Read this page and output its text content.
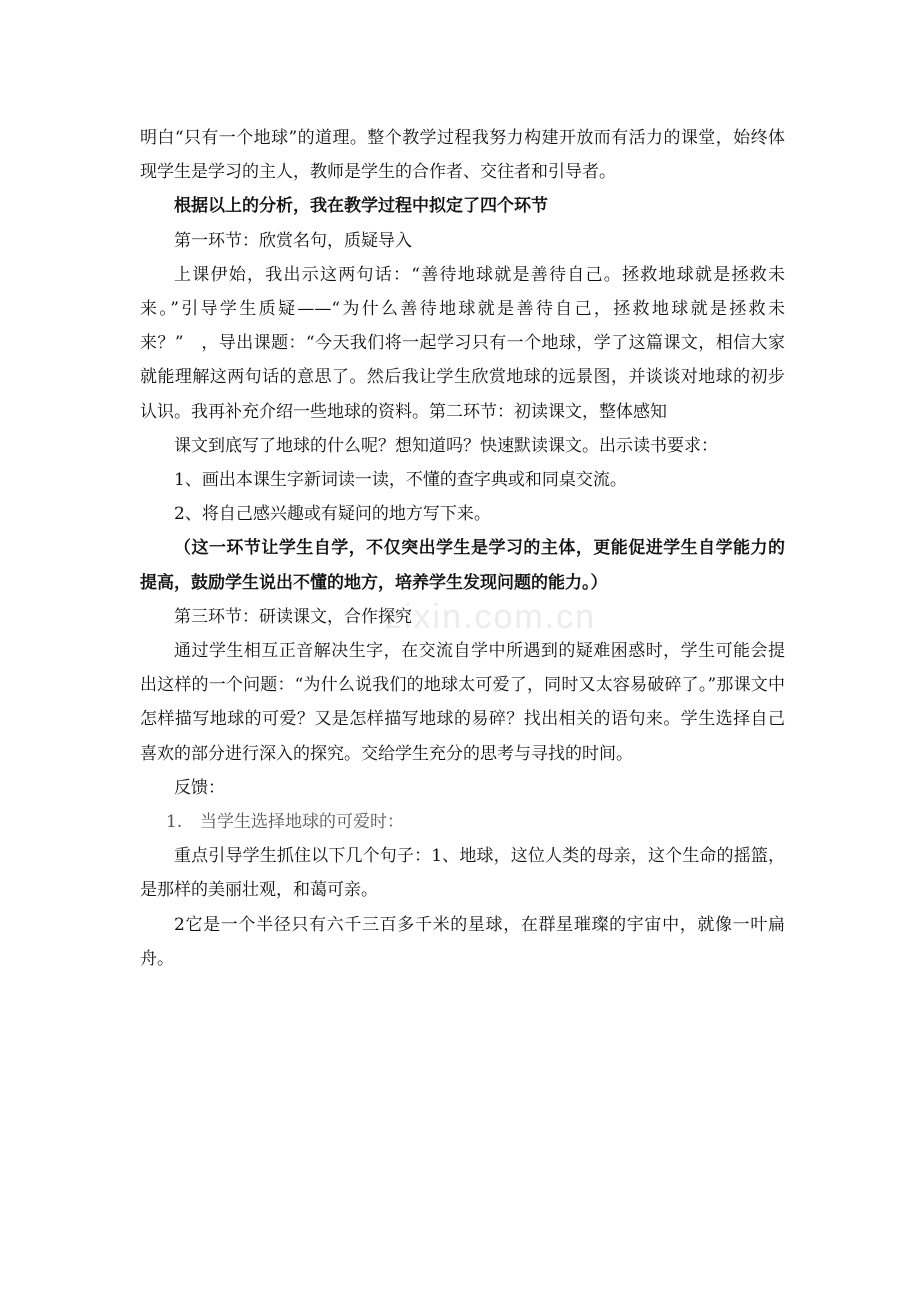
zixin.com.cn

明白“只有一个地球”的道理。整个教学过程我努力构建开放而有活力的课堂，始终体现学生是学习的主人，教师是学生的合作者、交往者和引导者。

根据以上的分析，我在教学过程中拟定了四个环节

第一环节：欣赏名句，质疑导入

上课伊始，我出示这两句话：“善待地球就是善待自己。拯救地球就是拯救未来。”引导学生质疑——“为什么善待地球就是善待自己，拯救地球就是拯救未来？”　，导出课题：“今天我们将一起学习只有一个地球，学了这篇课文，相信大家就能理解这两句话的意思了。然后我让学生欣赏地球的远景图，并谈谈对地球的初步认识。我再补充介绍一些地球的资料。第二环节：初读课文，整体感知

课文到底写了地球的什么呢？想知道吗？快速默读课文。出示读书要求：

1、画出本课生字新词读一读，不懂的查字典或和同桌交流。

2、将自己感兴趣或有疑问的地方写下来。

（这一环节让学生自学，不仅突出学生是学习的主体，更能促进学生自学能力的提高，鼓励学生说出不懂的地方，培养学生发现问题的能力。）

第三环节：研读课文，合作探究

通过学生相互正音解决生字，在交流自学中所遇到的疑难困惑时，学生可能会提出这样的一个问题：“为什么说我们的地球太可爱了，同时又太容易破碎了。”那课文中怎样描写地球的可爱？又是怎样描写地球的易碎？找出相关的语句来。学生选择自己喜欢的部分进行深入的探究。交给学生充分的思考与寻找的时间。

反馈：

1. 当学生选择地球的可爱时：

重点引导学生抓住以下几个句子：1、地球，这位人类的母亲，这个生命的摇篮，是那样的美丽壮观，和蔼可亲。

2它是一个半径只有六千三百多千米的星球，在群星璀璨的宇宙中，就像一叶扁舟。
